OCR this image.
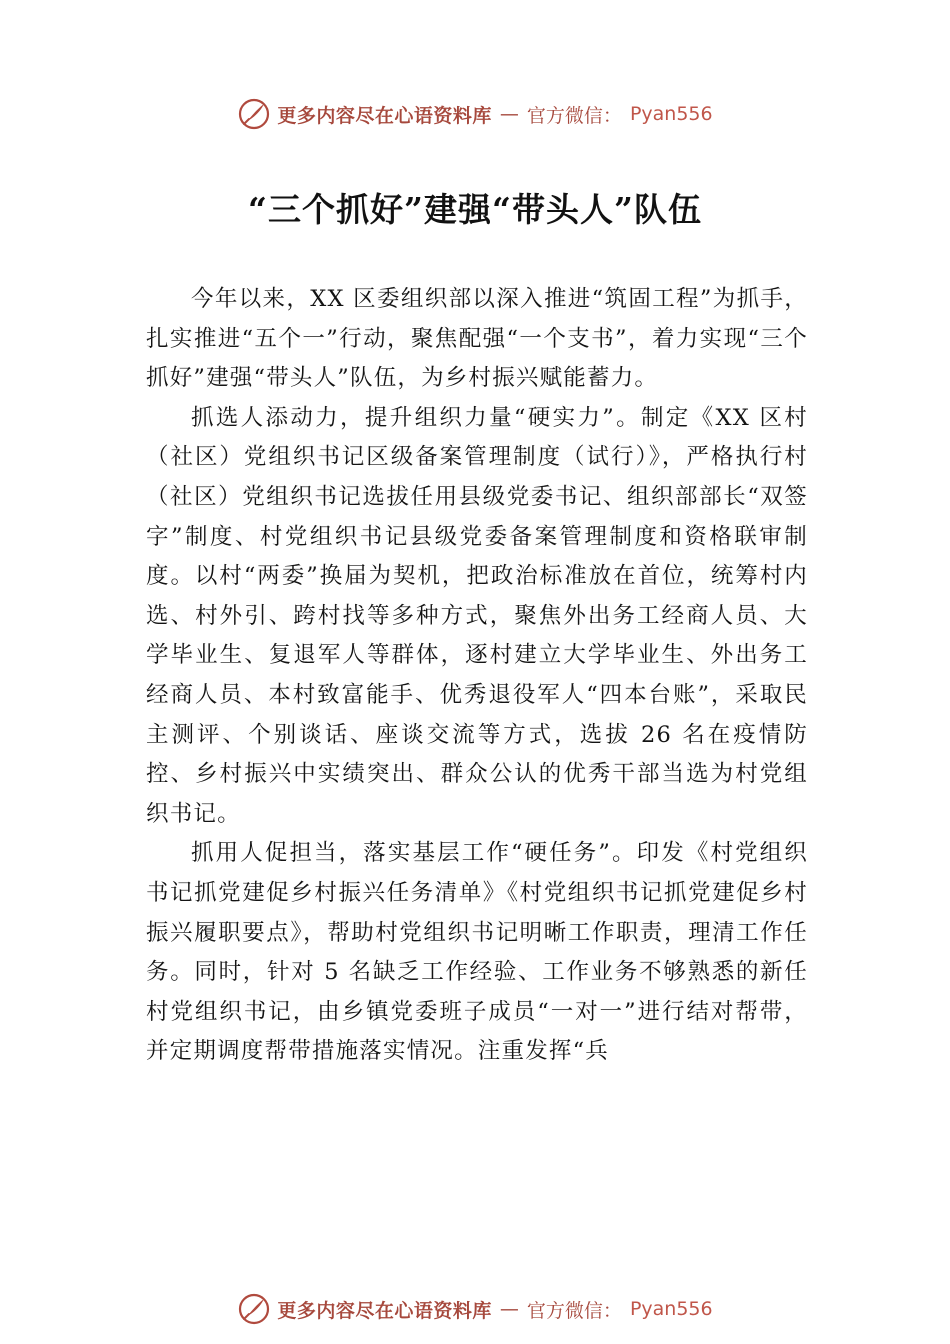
更多内容尽在心语资料库 — 官方微信： Pyan556
“三个抓好”建强“带头人”队伍

今年以来，XX 区委组织部以深入推进“筑固工程”为抓手，扎实推进“五个一”行动，聚焦配强“一个支书”，着力实现“三个抓好”建强“带头人”队伍，为乡村振兴赋能蓄力。

抓选人添动力，提升组织力量“硬实力”。制定《XX 区村（社区）党组织书记区级备案管理制度（试行）》，严格执行村（社区）党组织书记选拔任用县级党委书记、组织部部长“双签字”制度、村党组织书记县级党委备案管理制度和资格联审制度。以村“两委”换届为契机，把政治标准放在首位，统筹村内选、村外引、跨村找等多种方式，聚焦外出务工经商人员、大学毕业生、复退军人等群体，逐村建立大学毕业生、外出务工经商人员、本村致富能手、优秀退役军人“四本台账”，采取民主测评、个别谈话、座谈交流等方式，选拔 26 名在疫情防控、乡村振兴中实绩突出、群众公认的优秀干部当选为村党组织书记。

抓用人促担当，落实基层工作“硬任务”。印发《村党组织书记抓党建促乡村振兴任务清单》《村党组织书记抓党建促乡村振兴履职要点》，帮助村党组织书记明晰工作职责，理清工作任务。同时，针对 5 名缺乏工作经验、工作业务不够熟悉的新任村党组织书记，由乡镇党委班子成员“一对一”进行结对帮带，并定期调度帮带措施落实情况。注重发挥“兵

更多内容尽在心语资料库 — 官方微信： Pyan556
